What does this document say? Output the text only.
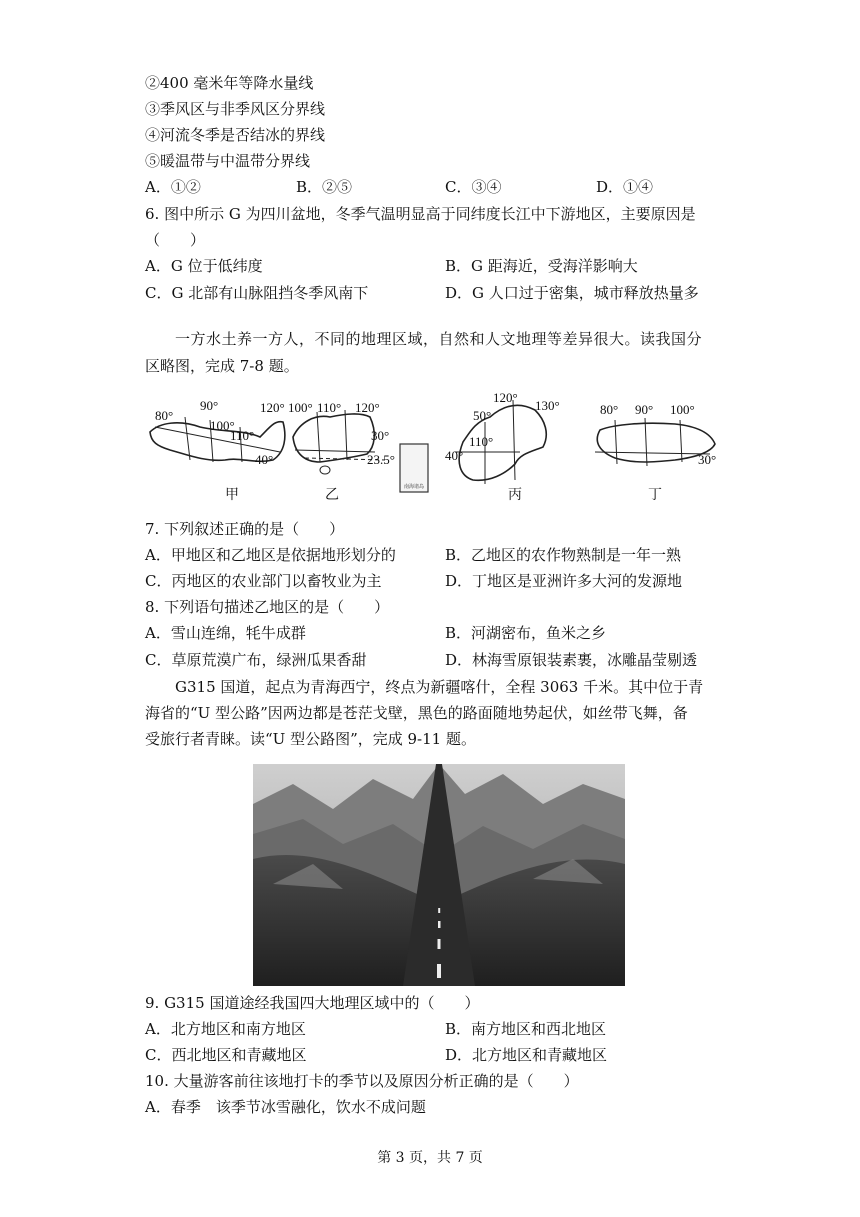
②400 毫米年等降水量线
③季风区与非季风区分界线
④河流冬季是否结冰的界线
⑤暖温带与中温带分界线
A．①②	B．②⑤	C．③④	D．①④
6. 图中所示 G 为四川盆地，冬季气温明显高于同纬度长江中下游地区，主要原因是
（　　）
A．G 位于低纬度	B．G 距海近，受海洋影响大
C．G 北部有山脉阻挡冬季风南下	D．G 人口过于密集，城市释放热量多
一方水土养一方人，不同的地理区域，自然和人文地理等差异很大。读我国分
区略图，完成 7-8 题。
80°
90°
100°
110°
120°
40°
100° 110° 120°
30°
23.5°
南海诸岛
120°
130°
50°
110°
40°
80° 90° 100°
30°
甲	乙	丙	丁
7. 下列叙述正确的是（　　）
A．甲地区和乙地区是依据地形划分的	B．乙地区的农作物熟制是一年一熟
C．丙地区的农业部门以畜牧业为主	D．丁地区是亚洲许多大河的发源地
8. 下列语句描述乙地区的是（　　）
A．雪山连绵，牦牛成群	B．河湖密布，鱼米之乡
C．草原荒漠广布，绿洲瓜果香甜	D．林海雪原银装素裹，冰雕晶莹剔透
G315 国道，起点为青海西宁，终点为新疆喀什，全程 3063 千米。其中位于青
海省的“U 型公路”因两边都是苍茫戈壁，黑色的路面随地势起伏，如丝带飞舞，备
受旅行者青睐。读“U 型公路图”，完成 9-11 题。
9. G315 国道途经我国四大地理区域中的（　　）
A．北方地区和南方地区	B．南方地区和西北地区
C．西北地区和青藏地区	D．北方地区和青藏地区
10. 大量游客前往该地打卡的季节以及原因分析正确的是（　　）
A．春季　该季节冰雪融化，饮水不成问题
第 3 页，共 7 页
